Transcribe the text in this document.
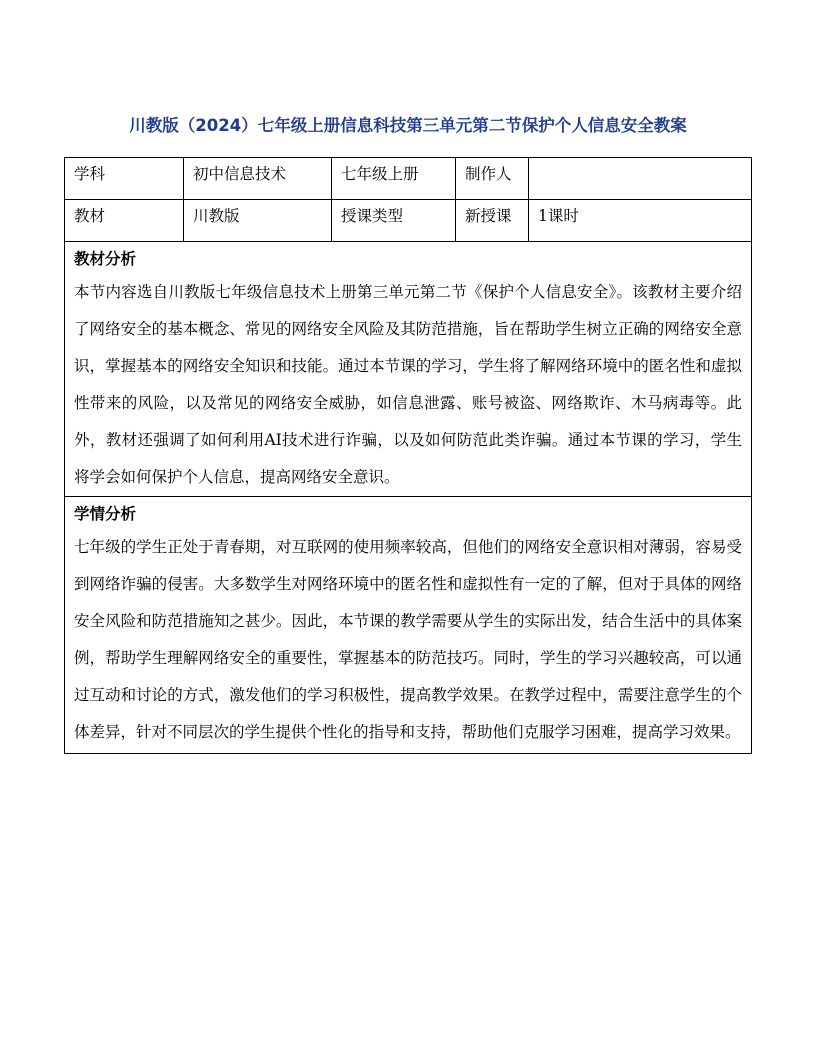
川教版（2024）七年级上册信息科技第三单元第二节保护个人信息安全教案
学科	初中信息技术	七年级上册	制作人	

教材	川教版	授课类型	新授课	1课时

教材分析

本节内容选自川教版七年级信息技术上册第三单元第二节《保护个人信息安全》。该教材主要介绍了网络安全的基本概念、常见的网络安全风险及其防范措施，旨在帮助学生树立正确的网络安全意识，掌握基本的网络安全知识和技能。通过本节课的学习，学生将了解网络环境中的匿名性和虚拟性带来的风险，以及常见的网络安全威胁，如信息泄露、账号被盗、网络欺诈、木马病毒等。此外，教材还强调了如何利用AI技术进行诈骗，以及如何防范此类诈骗。通过本节课的学习，学生将学会如何保护个人信息，提高网络安全意识。				

学情分析

七年级的学生正处于青春期，对互联网的使用频率较高，但他们的网络安全意识相对薄弱，容易受到网络诈骗的侵害。大多数学生对网络环境中的匿名性和虚拟性有一定的了解，但对于具体的网络安全风险和防范措施知之甚少。因此，本节课的教学需要从学生的实际出发，结合生活中的具体案例，帮助学生理解网络安全的重要性，掌握基本的防范技巧。同时，学生的学习兴趣较高，可以通过互动和讨论的方式，激发他们的学习积极性，提高教学效果。在教学过程中，需要注意学生的个体差异，针对不同层次的学生提供个性化的指导和支持，帮助他们克服学习困难，提高学习效果。				
